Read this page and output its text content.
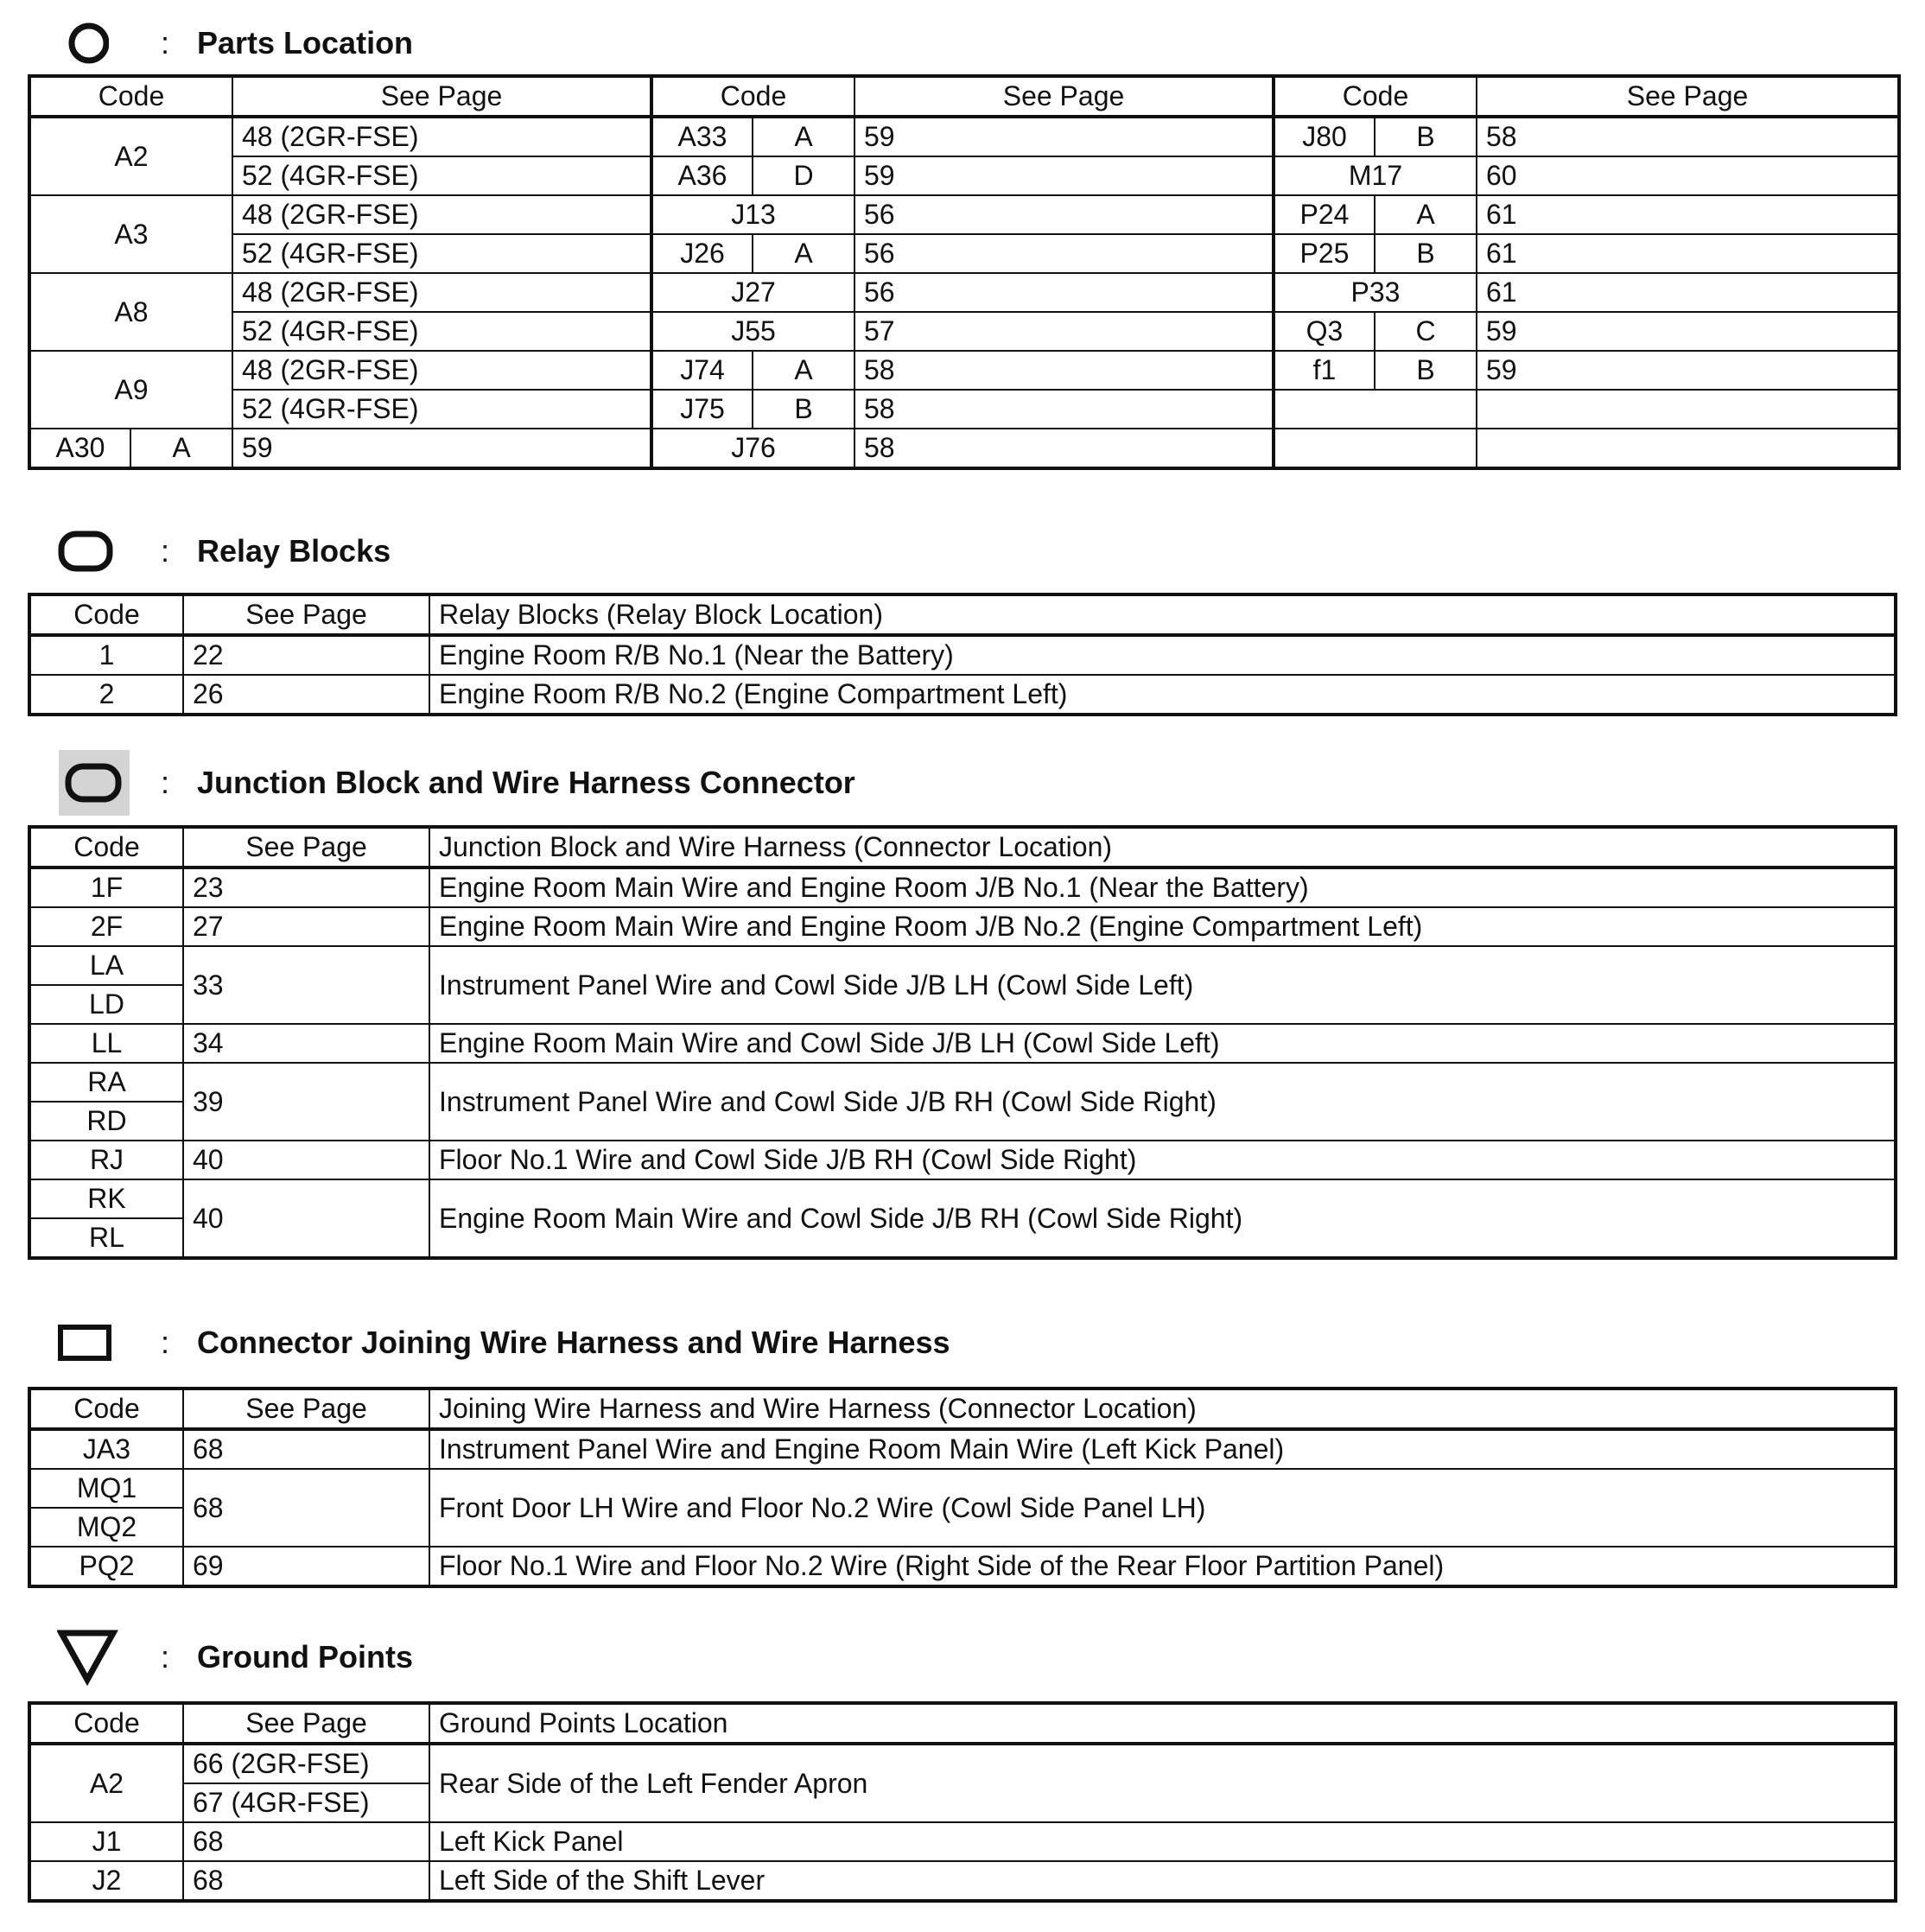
: Parts Location
Code		See Page	Code		See Page	Code		See Page
A2		48 (2GR-FSE)	A33	A	59	J80	B	58
		52 (4GR-FSE)	A36	D	59	M17		60
A3		48 (2GR-FSE)	J13		56	P24	A	61
		52 (4GR-FSE)	J26	A	56	P25	B	61
A8		48 (2GR-FSE)	J27		56	P33		61
		52 (4GR-FSE)	J55		57	Q3	C	59
A9		48 (2GR-FSE)	J74	A	58	f1	B	59
		52 (4GR-FSE)	J75	B	58			
A30	A	59	J76		58			
: Relay Blocks
Code	See Page	Relay Blocks (Relay Block Location)
1	22	Engine Room R/B No.1 (Near the Battery)
2	26	Engine Room R/B No.2 (Engine Compartment Left)
: Junction Block and Wire Harness Connector
Code	See Page	Junction Block and Wire Harness (Connector Location)
1F	23	Engine Room Main Wire and Engine Room J/B No.1 (Near the Battery)
2F	27	Engine Room Main Wire and Engine Room J/B No.2 (Engine Compartment Left)
LA	33	Instrument Panel Wire and Cowl Side J/B LH (Cowl Side Left)
LD		
LL	34	Engine Room Main Wire and Cowl Side J/B LH (Cowl Side Left)
RA	39	Instrument Panel Wire and Cowl Side J/B RH (Cowl Side Right)
RD		
RJ	40	Floor No.1 Wire and Cowl Side J/B RH (Cowl Side Right)
RK	40	Engine Room Main Wire and Cowl Side J/B RH (Cowl Side Right)
RL		
: Connector Joining Wire Harness and Wire Harness
Code	See Page	Joining Wire Harness and Wire Harness (Connector Location)
JA3	68	Instrument Panel Wire and Engine Room Main Wire (Left Kick Panel)
MQ1	68	Front Door LH Wire and Floor No.2 Wire (Cowl Side Panel LH)
MQ2		
PQ2	69	Floor No.1 Wire and Floor No.2 Wire (Right Side of the Rear Floor Partition Panel)
: Ground Points
Code	See Page	Ground Points Location
A2	66 (2GR-FSE)	Rear Side of the Left Fender Apron
	67 (4GR-FSE)	
J1	68	Left Kick Panel
J2	68	Left Side of the Shift Lever
